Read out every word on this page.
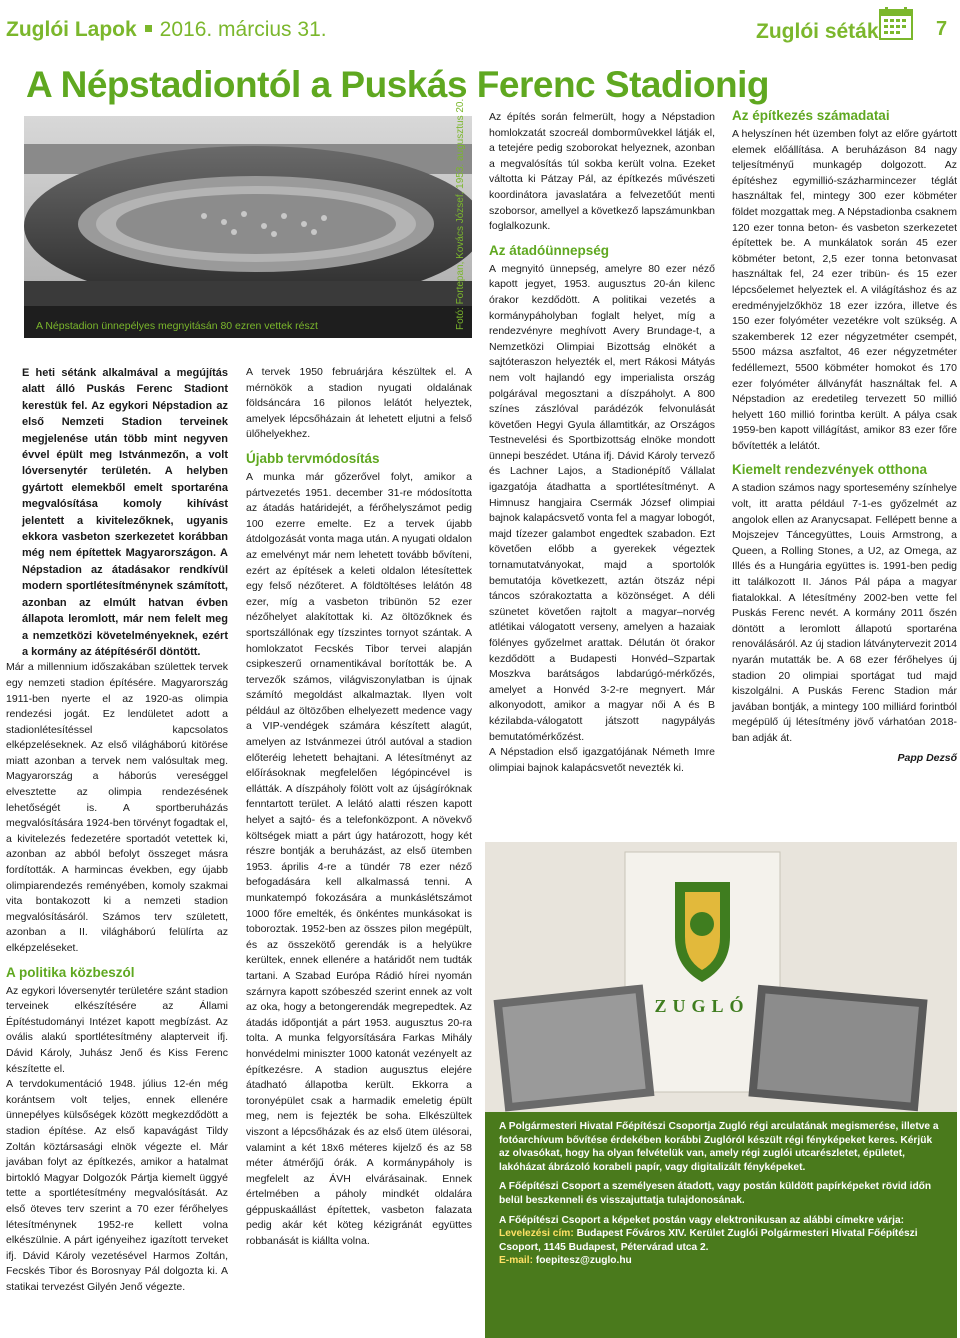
Zuglói Lapok 2016. március 31.	Zuglói séták	7
A Népstadiontól a Puskás Ferenc Stadionig
A Népstadion ünnepélyes megnyitásán 80 ezren vettek részt	Fotó: Fortepan, Kovács József, 1953. augusztus 20.

E heti sétánk alkalmával a megújítás alatt álló Puskás Ferenc Stadiont kerestük fel. Az egykori Népstadion az első Nemzeti Stadion terveinek megjelenése után több mint negyven évvel épült meg Istvánmezőn, a volt lóversenytér területén. A helyben gyártott elemekből emelt sportaréna megvalósítása komoly kihívást jelentett a kivitelezőknek, ugyanis ekkora vasbeton szerkezetet korábban még nem építettek Magyarországon. A Népstadion az átadásakor rendkívül modern sportlétesítménynek számított, azonban az elmúlt hatvan évben állapota leromlott, már nem felelt meg a nemzetközi követelményeknek, ezért a kormány az átépítéséről döntött.

Már a millennium időszakában születtek tervek egy nemzeti stadion építésére. Magyarország 1911-ben nyerte el az 1920-as olimpia rendezési jogát. Ez lendületet adott a stadionlétesítéssel kapcsolatos elképzeléseknek. Az első világháború kitörése miatt azonban a tervek nem valósultak meg. Magyarország a háborús vereséggel elvesztette az olimpia rendezésének lehetőségét is. A sportberuházás megvalósítására 1924-ben törvényt fogadtak el, a kivitelezés fedezetére sportadót vetettek ki, azonban az abból befolyt összeget másra fordították. A harmincas években, egy újabb olimpiarendezés reményében, komoly szakmai vita bontakozott ki a nemzeti stadion megvalósításáról. Számos terv született, azonban a II. világháború felülírta az elképzeléseket.

A politika közbeszól

Az egykori lóversenytér területére szánt stadion terveinek elkészítésére az Állami Építéstudományi Intézet kapott megbízást. Az ovális alakú sportlétesítmény alapterveit ifj. Dávid Károly, Juhász Jenő és Kiss Ferenc készítette el.

A tervdokumentáció 1948. július 12-én még korántsem volt teljes, ennek ellenére ünnepélyes külsőségek között megkezdődött a stadion építése. Az első kapavágást Tildy Zoltán köztársasági elnök végezte el. Már javában folyt az építkezés, amikor a hatalmat birtokló Magyar Dolgozók Pártja kiemelt üggyé tette a sportlétesítmény megvalósítását. Az első öteves terv szerint a 70 ezer férőhelyes létesítménynek 1952-re kellett volna elkészülnie. A párt igényeihez igazított terveket ifj. Dávid Károly vezetésével Harmos Zoltán, Fecskés Tibor és Borosnyay Pál dolgozta ki. A statikai tervezést Gilyén Jenő végezte.

A tervek 1950 februárjára készültek el. A mérnökök a stadion nyugati oldalának földsáncára 16 pilonos lelátót helyeztek, amelyek lépcsőházain át lehetett eljutni a felső ülőhelyekhez.

Újabb tervmódosítás

A munka már gőzerővel folyt, amikor a pártvezetés 1951. december 31-re módosította az átadás határidejét, a férőhelyszámot pedig 100 ezerre emelte. Ez a tervek újabb átdolgozását vonta maga után. A nyugati oldalon az emelvényt már nem lehetett tovább bővíteni, ezért az építések a keleti oldalon létesítettek egy felső nézőteret. A földtöltéses lelátón 48 ezer, míg a vasbeton tribünön 52 ezer nézőhelyet alakítottak ki. Az öltözőknek és sportszállónak egy tízszintes tornyot szántak. A homlokzatot Fecskés Tibor tervei alapján csipkeszerű ornamentikával borították be. A tervezők számos, világviszonylatban is újnak számító megoldást alkalmaztak. Ilyen volt például az öltözőben elhelyezett medence vagy a VIP-vendégek számára készített alagút, amelyen az Istvánmezei útról autóval a stadion előteréig lehetett behajtani. A létesítményt az előírásoknak megfelelően légópincével is ellátták. A díszpáholy fölött volt az újságíróknak fenntartott terület. A lelátó alatti részen kapott helyet a sajtó- és a telefonközpont. A növekvő költségek miatt a párt úgy határozott, hogy két részre bontják a beruházást, az első ütemben 1953. április 4-re a tündér 78 ezer néző befogadására kell alkalmassá tenni. A munkatempó fokozására a munkáslétszámot 1000 főre emelték, és önkéntes munkásokat is toboroztak. 1952-ben az összes pilon megépült, és az összekötő gerendák is a helyükre kerültek, ennek ellenére a határidőt nem tudták tartani. A Szabad Európa Rádió hírei nyomán szárnyra kapott szóbeszéd szerint ennek az volt az oka, hogy a betongerendák megrepedtek. Az átadás időpontját a párt 1953. augusztus 20-ra tolta. A munka felgyorsítására Farkas Mihály honvédelmi miniszter 1000 katonát vezényelt az építkezésre. A stadion augusztus elejére átadható állapotba került. Ekkorra a toronyépület csak a harmadik emeletig épült meg, nem is fejezték be soha. Elkészültek viszont a lépcsőházak és az első ütem ülésorai, valamint a két 18x6 méteres kijelző és az 58 méter átmérőjű órák. A kormánypáholy is megfelelt az ÁVH elvárásainak. Ennek értelmében a páholy mindkét oldalára géppuskaállást építettek, vasbeton falazata pedig akár két köteg kézigránát együttes robbanását is kiállta volna.

Az építés során felmerült, hogy a Népstadion homlokzatát szocreál dombormûvekkel látják el, a tetejére pedig szoborokat helyeznek, azonban a megvalósítás túl sokba került volna. Ezeket váltotta ki Pátzay Pál, az építkezés művészeti koordinátora javaslatára a felvezetőút menti szoborsor, amellyel a következő lapszámunkban foglalkozunk.

Az átadóünnepség

A megnyitó ünnepség, amelyre 80 ezer néző kapott jegyet, 1953. augusztus 20-án kilenc órakor kezdődött. A politikai vezetés a kormánypáholyban foglalt helyet, míg a rendezvényre meghívott Avery Brundage-t, a Nemzetközi Olimpiai Bizottság elnökét a sajtóteraszon helyezték el, mert Rákosi Mátyás nem volt hajlandó egy imperialista ország polgárával megosztani a díszpáholyt. A 800 színes zászlóval parádézók felvonulását követően Hegyi Gyula államtitkár, az Országos Testnevelési és Sportbizottság elnöke mondott ünnepi beszédet. Utána ifj. Dávid Károly tervező és Lachner Lajos, a Stadionépítő Vállalat igazgatója átadhatta a sportlétesítményt. A Himnusz hangjaira Csermák József olimpiai bajnok kalapácsvető vonta fel a magyar lobogót, majd tízezer galambot engedtek szabadon. Ezt követően előbb a gyerekek végeztek tornamutatványokat, majd a sportolók bemutatója következett, aztán ötszáz népi táncos szórakoztatta a közönséget. A déli szünetet követően rajtolt a magyar–norvég atlétikai válogatott verseny, amelyen a hazaiak fölényes győzelmet arattak. Délután öt órakor kezdődött a Budapesti Honvéd–Szpartak Moszkva barátságos labdarúgó-mérkőzés, amelyet a Honvéd 3-2-re megnyert. Már alkonyodott, amikor a magyar női A és B kézilabda-válogatott játszott nagypályás bemutatómérkőzést.

A Népstadion első igazgatójának Németh Imre olimpiai bajnok kalapácsvetőt nevezték ki.

Az építkezés számadatai

A helyszínen hét üzemben folyt az előre gyártott elemek előállítása. A beruházáson 84 nagy teljesítményű munkagép dolgozott. Az építéshez egymillió-százharmincezer téglát használtak fel, mintegy 300 ezer köbméter földet mozgattak meg. A Népstadionba csaknem 120 ezer tonna beton- és vasbeton szerkezetet építettek be. A munkálatok során 45 ezer köbméter betont, 2,5 ezer tonna betonvasat használtak fel, 24 ezer tribün- és 15 ezer lépcsőelemet helyeztek el. A világításhoz és az eredményjelzőkhöz 18 ezer izzóra, illetve és 150 ezer folyóméter vezetékre volt szükség. A szakemberek 12 ezer négyzetméter csempét, 5500 mázsa aszfaltot, 46 ezer négyzetméter fedéllemezt, 5500 köbméter homokot és 170 ezer folyóméter állványfát használtak fel. A Népstadion az eredetileg tervezett 50 millió helyett 160 millió forintba került. A pálya csak 1959-ben kapott villágítást, amikor 83 ezer főre bővítették a lelátót.

Kiemelt rendezvények otthona

A stadion számos nagy sportesemény színhelye volt, itt aratta például 7-1-es győzelmét az angolok ellen az Aranycsapat. Fellépett benne a Mojszejev Táncegyüttes, Louis Armstrong, a Queen, a Rolling Stones, a U2, az Omega, az Illés és a Hungária együttes is. 1991-ben pedig itt találkozott II. János Pál pápa a magyar fiatalokkal. A létesítmény 2002-ben vette fel Puskás Ferenc nevét. A kormány 2011 őszén döntött a leromlott állapotú sportaréna renoválásáról. Az új stadion látványtervezit 2014 nyarán mutatták be. A 68 ezer férőhelyes új stadion 20 olimpiai sportágat tud majd kiszolgálni. A Puskás Ferenc Stadion már javában bontják, a mintegy 100 milliárd forintból megépülő új létesítmény jövő várhatóan 2018-ban adják át.

Papp Dezső

ZUGLÓ

A Polgármesteri Hivatal Főépítészi Csoportja Zugló régi arculatának megismerése, illetve a fotóarchívum bővítése érdekében korábbi Zuglóról készült régi fényképeket keres. Kérjük az olvasókat, hogy ha olyan felvételük van, amely régi zuglói utcarészletet, épületet, lakóházat ábrázoló korabeli papír, vagy digitalizált fényképeket.

A Főépítészi Csoport a személyesen átadott, vagy postán küldött papírképeket rövid időn belül beszkenneli és visszajuttatja tulajdonosának.

A Főépítészi Csoport a képeket postán vagy elektronikusan az alábbi címekre várja:

Levelezési cím: Budapest Főváros XIV. Kerület Zuglói Polgármesteri Hivatal Főépítészi Csoport, 1145 Budapest, Pétervárad utca 2.

E-mail: foepitesz@zuglo.hu
